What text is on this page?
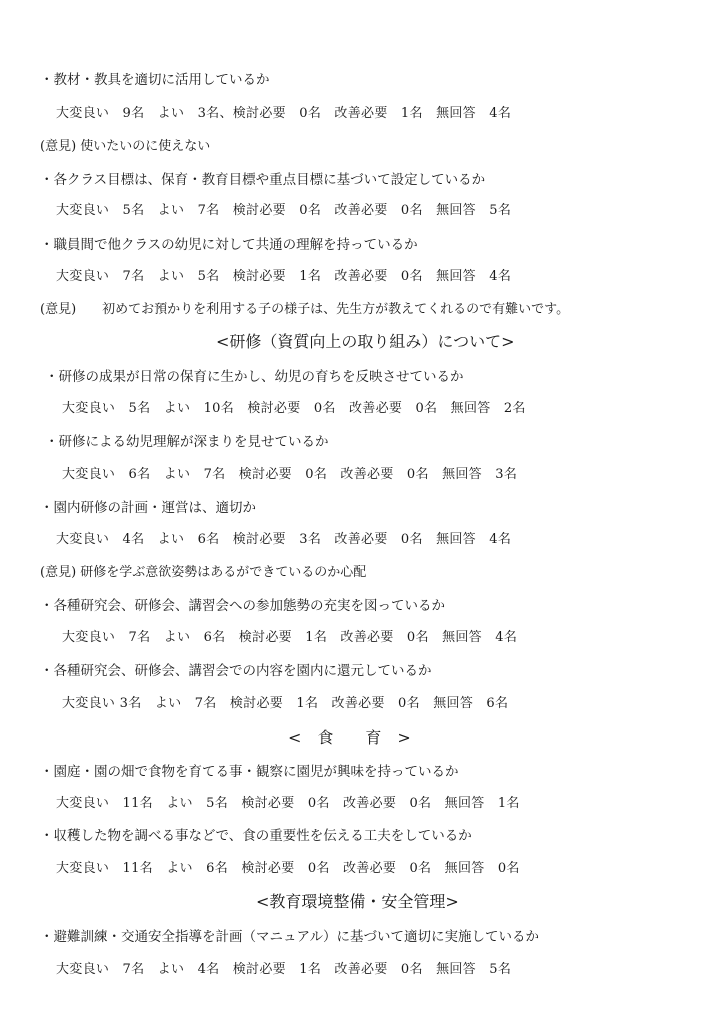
・教材・教具を適切に活用しているか
大変良い　9名　よい　3名、検討必要　0名　改善必要　1名　無回答　4名
(意見) 使いたいのに使えない
・各クラス目標は、保育・教育目標や重点目標に基づいて設定しているか
大変良い　5名　よい　7名　検討必要　0名　改善必要　0名　無回答　5名
・職員間で他クラスの幼児に対して共通の理解を持っているか
大変良い　7名　よい　5名　検討必要　1名　改善必要　0名　無回答　4名
(意見)　　初めてお預かりを利用する子の様子は、先生方が教えてくれるので有難いです。
<研修（資質向上の取り組み）について>
・研修の成果が日常の保育に生かし、幼児の育ちを反映させているか
大変良い　5名　よい　10名　検討必要　0名　改善必要　0名　無回答　2名
・研修による幼児理解が深まりを見せているか
大変良い　6名　よい　7名　検討必要　0名　改善必要　0名　無回答　3名
・園内研修の計画・運営は、適切か
大変良い　4名　よい　6名　検討必要　3名　改善必要　0名　無回答　4名
(意見) 研修を学ぶ意欲姿勢はあるができているのか心配
・各種研究会、研修会、講習会への参加態勢の充実を図っているか
大変良い　7名　よい　6名　検討必要　1名　改善必要　0名　無回答　4名
・各種研究会、研修会、講習会での内容を園内に還元しているか
大変良い 3名　よい　7名　検討必要　1名　改善必要　0名　無回答　6名
<　食　　育　>
・園庭・園の畑で食物を育てる事・観察に園児が興味を持っているか
大変良い　11名　よい　5名　検討必要　0名　改善必要　0名　無回答　1名
・収穫した物を調べる事などで、食の重要性を伝える工夫をしているか
大変良い　11名　よい　6名　検討必要　0名　改善必要　0名　無回答　0名
<教育環境整備・安全管理>
・避難訓練・交通安全指導を計画（マニュアル）に基づいて適切に実施しているか
大変良い　7名　よい　4名　検討必要　1名　改善必要　0名　無回答　5名
